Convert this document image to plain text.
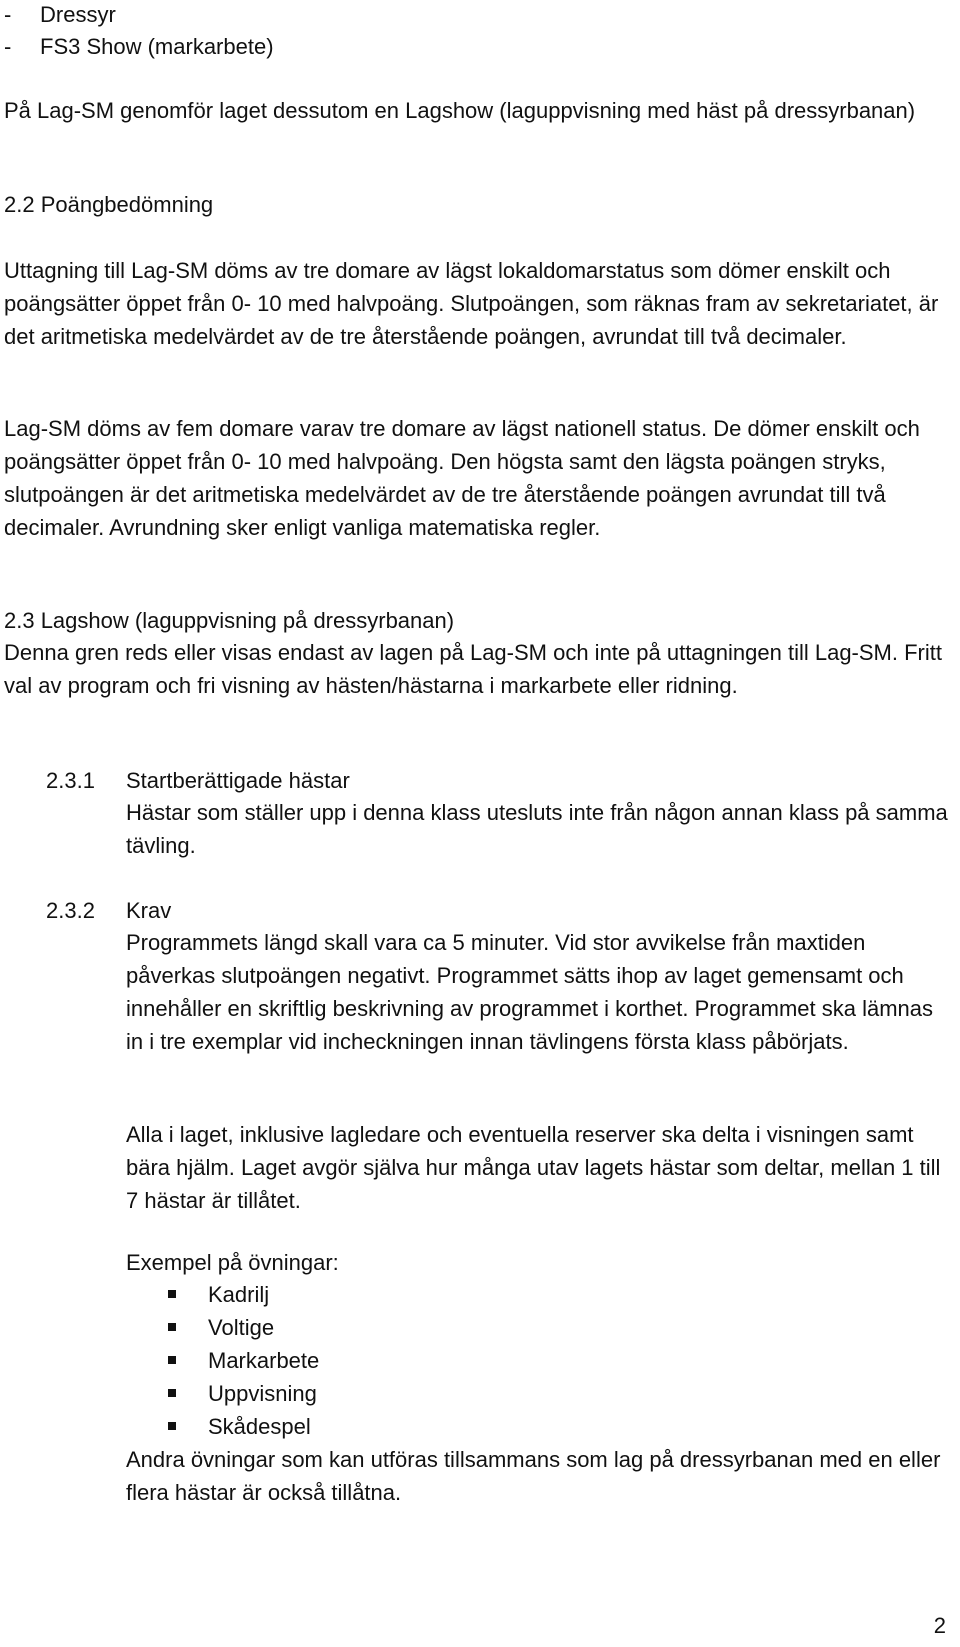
- Dressyr
- FS3 Show (markarbete)

På Lag-SM genomför laget dessutom en Lagshow (laguppvisning med häst på dressyrbanan)

2.2 Poängbedömning

Uttagning till Lag-SM döms av tre domare av lägst lokaldomarstatus som dömer enskilt och poängsätter öppet från 0- 10 med halvpoäng. Slutpoängen, som räknas fram av sekretariatet, är det aritmetiska medelvärdet av de tre återstående poängen, avrundat till två decimaler.

Lag-SM döms av fem domare varav tre domare av lägst nationell status. De dömer enskilt och poängsätter öppet från 0- 10 med halvpoäng. Den högsta samt den lägsta poängen stryks, slutpoängen är det aritmetiska medelvärdet av de tre återstående poängen avrundat till två decimaler. Avrundning sker enligt vanliga matematiska regler.

2.3 Lagshow (laguppvisning på dressyrbanan)

Denna gren reds eller visas endast av lagen på Lag-SM och inte på uttagningen till Lag-SM. Fritt val av program och fri visning av hästen/hästarna i markarbete eller ridning.

2.3.1 Startberättigade hästar

Hästar som ställer upp i denna klass utesluts inte från någon annan klass på samma tävling.

2.3.2 Krav

Programmets längd skall vara ca 5 minuter. Vid stor avvikelse från maxtiden påverkas slutpoängen negativt. Programmet sätts ihop av laget gemensamt och innehåller en skriftlig beskrivning av programmet i korthet. Programmet ska lämnas in i tre exemplar vid incheckningen innan tävlingens första klass påbörjats.

Alla i laget, inklusive lagledare och eventuella reserver ska delta i visningen samt bära hjälm. Laget avgör själva hur många utav lagets hästar som deltar, mellan 1 till 7 hästar är tillåtet.

Exempel på övningar:

Kadrilj
Voltige
Markarbete
Uppvisning
Skådespel

Andra övningar som kan utföras tillsammans som lag på dressyrbanan med en eller flera hästar är också tillåtna.

2
